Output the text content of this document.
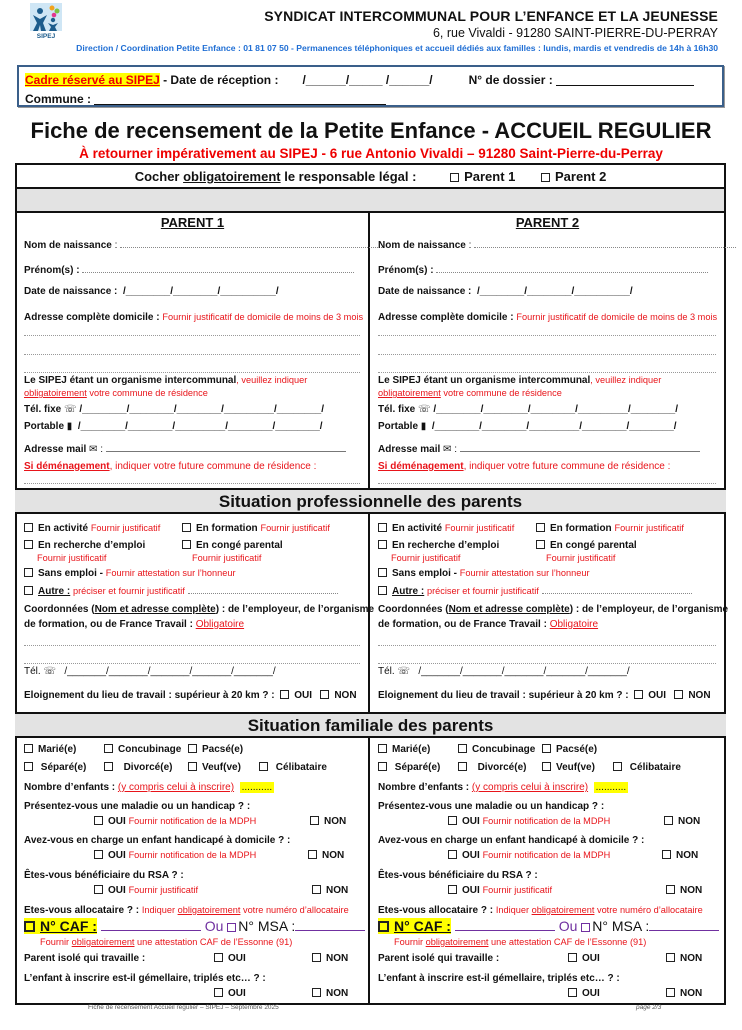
SIPEJ
SYNDICAT INTERCOMMUNAL POUR L’ENFANCE ET LA JEUNESSE
6, rue Vivaldi - 91280 SAINT-PIERRE-DU-PERRAY
Direction / Coordination Petite Enfance : 01 81 07 50 - Permanences téléphoniques et accueil dédiés aux familles : lundis, mardis et vendredis de 14h à 16h30
Cadre réservé au SIPEJ - Date de réception : /______/_____ /______/	N° de dossier :
Commune :
Fiche de recensement de la Petite Enfance - ACCUEIL REGULIER
À retourner impérativement au SIPEJ - 6 rue Antonio Vivaldi – 91280 Saint-Pierre-du-Perray
Cocher obligatoirement le responsable légal :	Parent 1	Parent 2
Situation professionnelle des parents
Situation familiale des parents
PARENT 1
Nom de naissance :
Prénom(s) :
Date de naissance : /________/________/__________/
Adresse complète domicile : Fournir justificatif de domicile de moins de 3 mois
Le SIPEJ étant un organisme intercommunal, veuillez indiquer
obligatoirement votre commune de résidence
Tél. fixe ☏ /________/________/________/_________/________/
Portable ▮ /________/________/_________/________/________/
Adresse mail ✉ :
Si déménagement, indiquer votre future commune de résidence :
En activité Fournir justificatif	En formation Fournir justificatif
En recherche d’emploi	En congé parental
Fournir justificatif	Fournir justificatif
Sans emploi - Fournir attestation sur l’honneur
Autre : préciser et fournir justificatif
Coordonnées (Nom et adresse complète) : de l’employeur, de l’organisme
de formation, ou de France Travail : Obligatoire
Tél. ☏ /_______/_______/_______/_______/_______/
Eloignement du lieu de travail : supérieur à 20 km ? : OUI NON
Marié(e)	Concubinage	Pacsé(e)
Séparé(e)	Divorcé(e)	Veuf(ve)	Célibataire
Nombre d’enfants : (y compris celui à inscrire) ...........
Présentez-vous une maladie ou un handicap ? :
OUI Fournir notification de la MDPH	NON
Avez-vous en charge un enfant handicapé à domicile ? :
OUI Fournir notification de la MDPH	NON
Êtes-vous bénéficiaire du RSA ? :
OUI Fournir justificatif	NON
Etes-vous allocataire ? : Indiquer obligatoirement votre numéro d’allocataire
N° CAF :	Ou N° MSA :
Fournir obligatoirement une attestation CAF de l’Essonne (91)
Parent isolé qui travaille :	OUI	NON
L’enfant à inscrire est-il gémellaire, triplés etc… ? :
OUI	NON
PARENT 2
Nom de naissance :
Prénom(s) :
Date de naissance : /________/________/__________/
Adresse complète domicile : Fournir justificatif de domicile de moins de 3 mois
Le SIPEJ étant un organisme intercommunal, veuillez indiquer
obligatoirement votre commune de résidence
Tél. fixe ☏ /________/________/________/_________/________/
Portable ▮ /________/________/_________/________/________/
Adresse mail ✉ :
Si déménagement, indiquer votre future commune de résidence :
En activité Fournir justificatif	En formation Fournir justificatif
En recherche d’emploi	En congé parental
Fournir justificatif	Fournir justificatif
Sans emploi - Fournir attestation sur l’honneur
Autre : préciser et fournir justificatif
Coordonnées (Nom et adresse complète) : de l’employeur, de l’organisme
de formation, ou de France Travail : Obligatoire
Tél. ☏ /_______/_______/_______/_______/_______/
Eloignement du lieu de travail : supérieur à 20 km ? : OUI NON
Marié(e)	Concubinage	Pacsé(e)
Séparé(e)	Divorcé(e)	Veuf(ve)	Célibataire
Nombre d’enfants : (y compris celui à inscrire) ...........
Présentez-vous une maladie ou un handicap ? :
OUI Fournir notification de la MDPH	NON
Avez-vous en charge un enfant handicapé à domicile ? :
OUI Fournir notification de la MDPH	NON
Êtes-vous bénéficiaire du RSA ? :
OUI Fournir justificatif	NON
Etes-vous allocataire ? : Indiquer obligatoirement votre numéro d’allocataire
N° CAF :	Ou N° MSA :
Fournir obligatoirement une attestation CAF de l’Essonne (91)
Parent isolé qui travaille :	OUI	NON
L’enfant à inscrire est-il gémellaire, triplés etc… ? :
OUI	NON
Fiche de recensement Accueil régulier – SIPEJ – Septembre 2025	page 2/3
